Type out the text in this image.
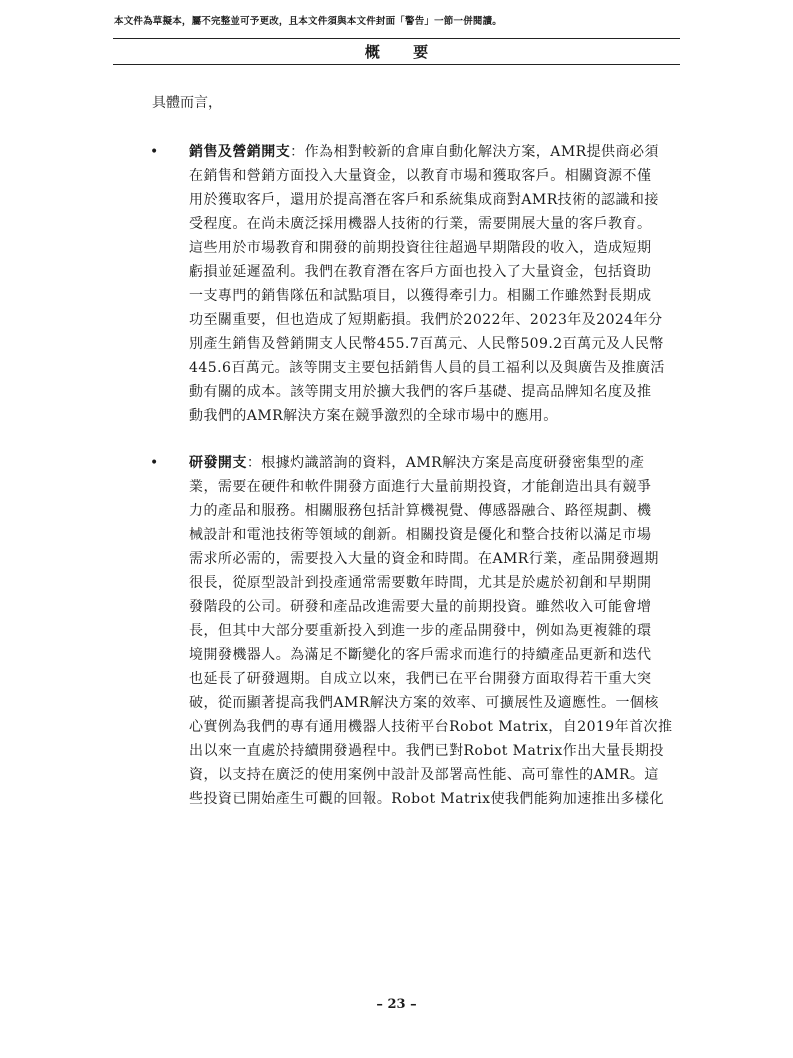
本文件為草擬本，屬不完整並可予更改，且本文件須與本文件封面「警告」一節一併閱讀。
概 要
具體而言，
• 銷售及營銷開支：作為相對較新的倉庫自動化解決方案，AMR提供商必須
在銷售和營銷方面投入大量資金，以教育市場和獲取客戶。相關資源不僅
用於獲取客戶，還用於提高潛在客戶和系統集成商對AMR技術的認識和接
受程度。在尚未廣泛採用機器人技術的行業，需要開展大量的客戶教育。
這些用於市場教育和開發的前期投資往往超過早期階段的收入，造成短期
虧損並延遲盈利。我們在教育潛在客戶方面也投入了大量資金，包括資助
一支專門的銷售隊伍和試點項目，以獲得牽引力。相關工作雖然對長期成
功至關重要，但也造成了短期虧損。我們於2022年、2023年及2024年分
別產生銷售及營銷開支人民幣455.7百萬元、人民幣509.2百萬元及人民幣
445.6百萬元。該等開支主要包括銷售人員的員工福利以及與廣告及推廣活
動有關的成本。該等開支用於擴大我們的客戶基礎、提高品牌知名度及推
動我們的AMR解決方案在競爭激烈的全球市場中的應用。
• 研發開支：根據灼識諮詢的資料，AMR解決方案是高度研發密集型的產
業，需要在硬件和軟件開發方面進行大量前期投資，才能創造出具有競爭
力的產品和服務。相關服務包括計算機視覺、傳感器融合、路徑規劃、機
械設計和電池技術等領域的創新。相關投資是優化和整合技術以滿足市場
需求所必需的，需要投入大量的資金和時間。在AMR行業，產品開發週期
很長，從原型設計到投產通常需要數年時間，尤其是於處於初創和早期開
發階段的公司。研發和產品改進需要大量的前期投資。雖然收入可能會增
長，但其中大部分要重新投入到進一步的產品開發中，例如為更複雜的環
境開發機器人。為滿足不斷變化的客戶需求而進行的持續產品更新和迭代
也延長了研發週期。自成立以來，我們已在平台開發方面取得若干重大突
破，從而顯著提高我們AMR解決方案的效率、可擴展性及適應性。一個核
心實例為我們的專有通用機器人技術平台Robot Matrix，自2019年首次推
出以來一直處於持續開發過程中。我們已對Robot Matrix作出大量長期投
資，以支持在廣泛的使用案例中設計及部署高性能、高可靠性的AMR。這
些投資已開始產生可觀的回報。Robot Matrix使我們能夠加速推出多樣化
– 23 –
